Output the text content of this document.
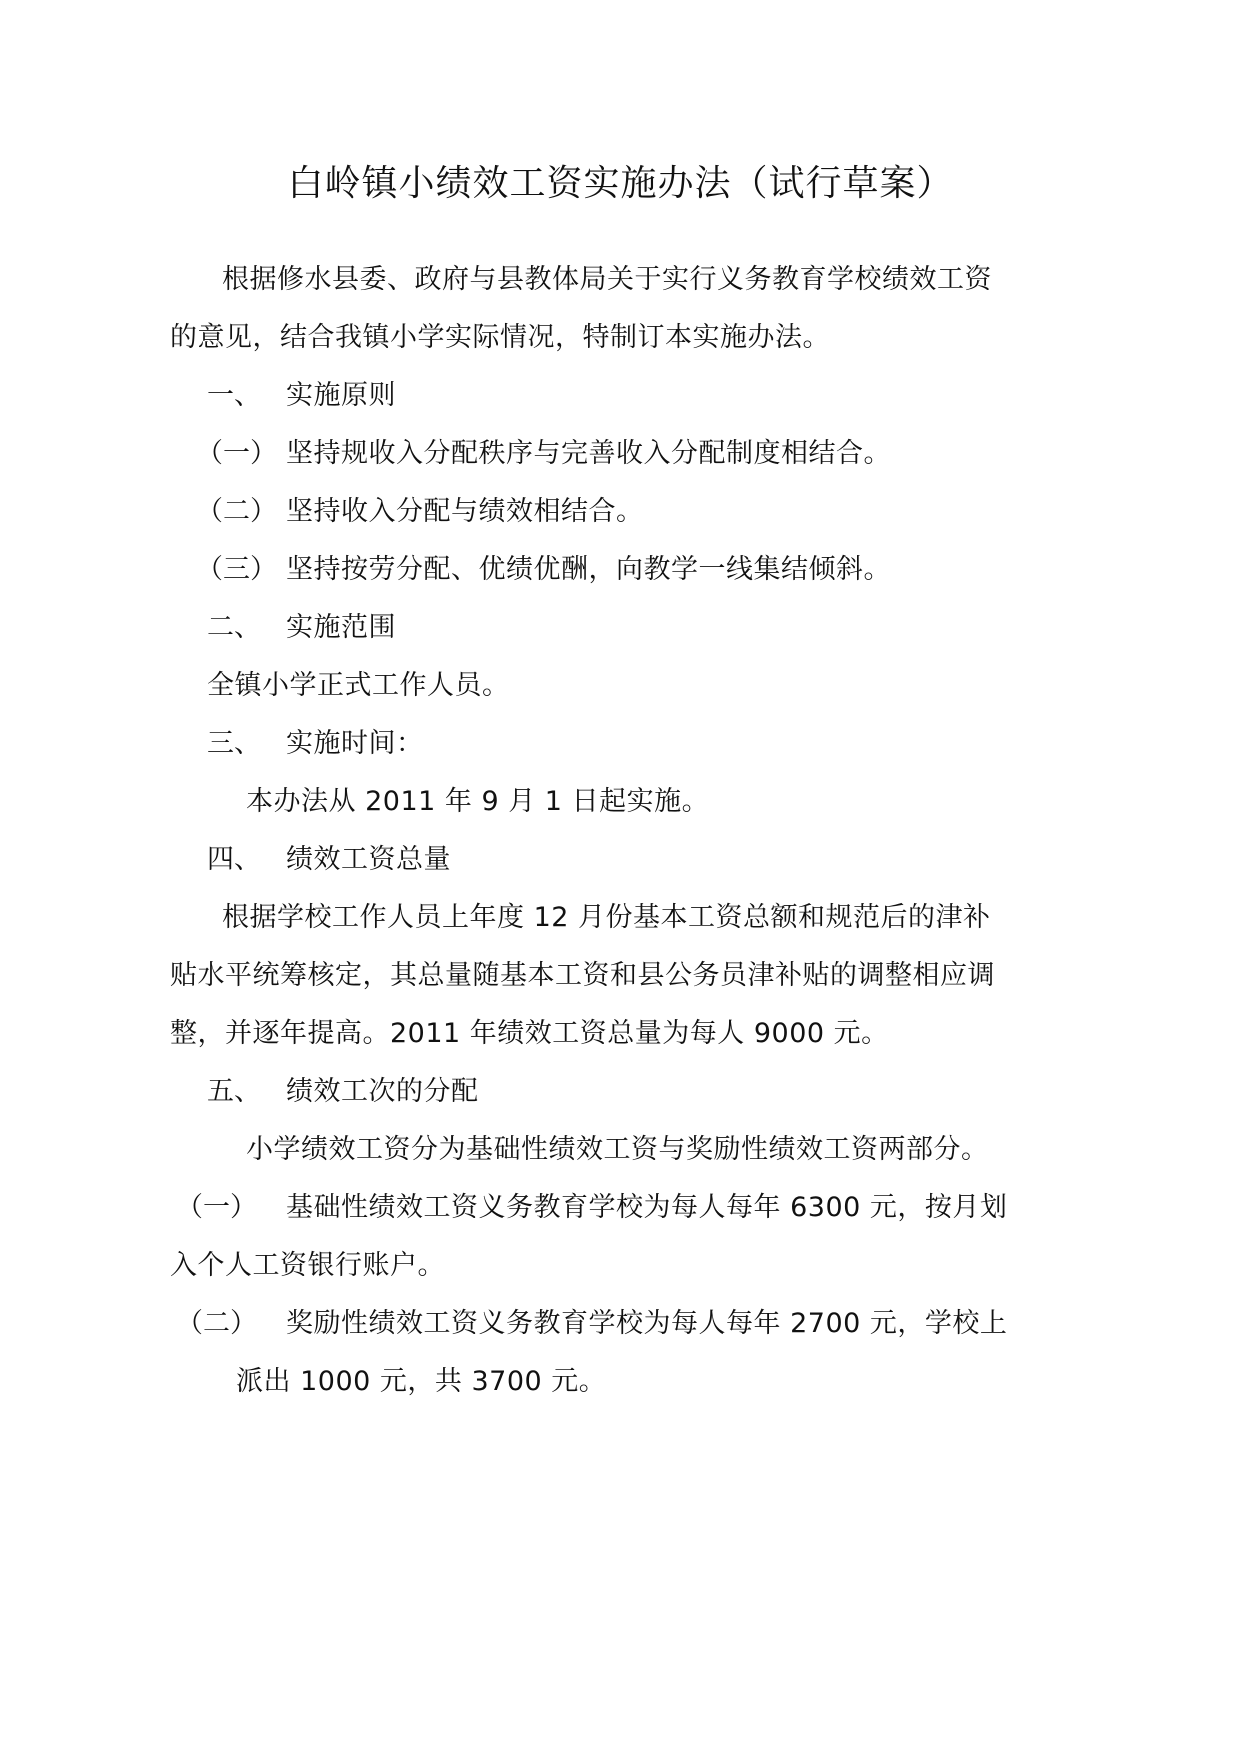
白岭镇小绩效工资实施办法（试行草案）
根据修水县委、政府与县教体局关于实行义务教育学校绩效工资
的意见，结合我镇小学实际情况，特制订本实施办法。
一、 实施原则
（一） 坚持规收入分配秩序与完善收入分配制度相结合。
（二） 坚持收入分配与绩效相结合。
（三） 坚持按劳分配、优绩优酬，向教学一线集结倾斜。
二、 实施范围
全镇小学正式工作人员。
三、 实施时间：
本办法从 2011 年 9 月 1 日起实施。
四、 绩效工资总量
根据学校工作人员上年度 12 月份基本工资总额和规范后的津补
贴水平统筹核定，其总量随基本工资和县公务员津补贴的调整相应调
整，并逐年提高。2011 年绩效工资总量为每人 9000 元。
五、 绩效工次的分配
小学绩效工资分为基础性绩效工资与奖励性绩效工资两部分。
（一） 基础性绩效工资义务教育学校为每人每年 6300 元，按月划
入个人工资银行账户。
（二） 奖励性绩效工资义务教育学校为每人每年 2700 元，学校上
派出 1000 元，共 3700 元。
